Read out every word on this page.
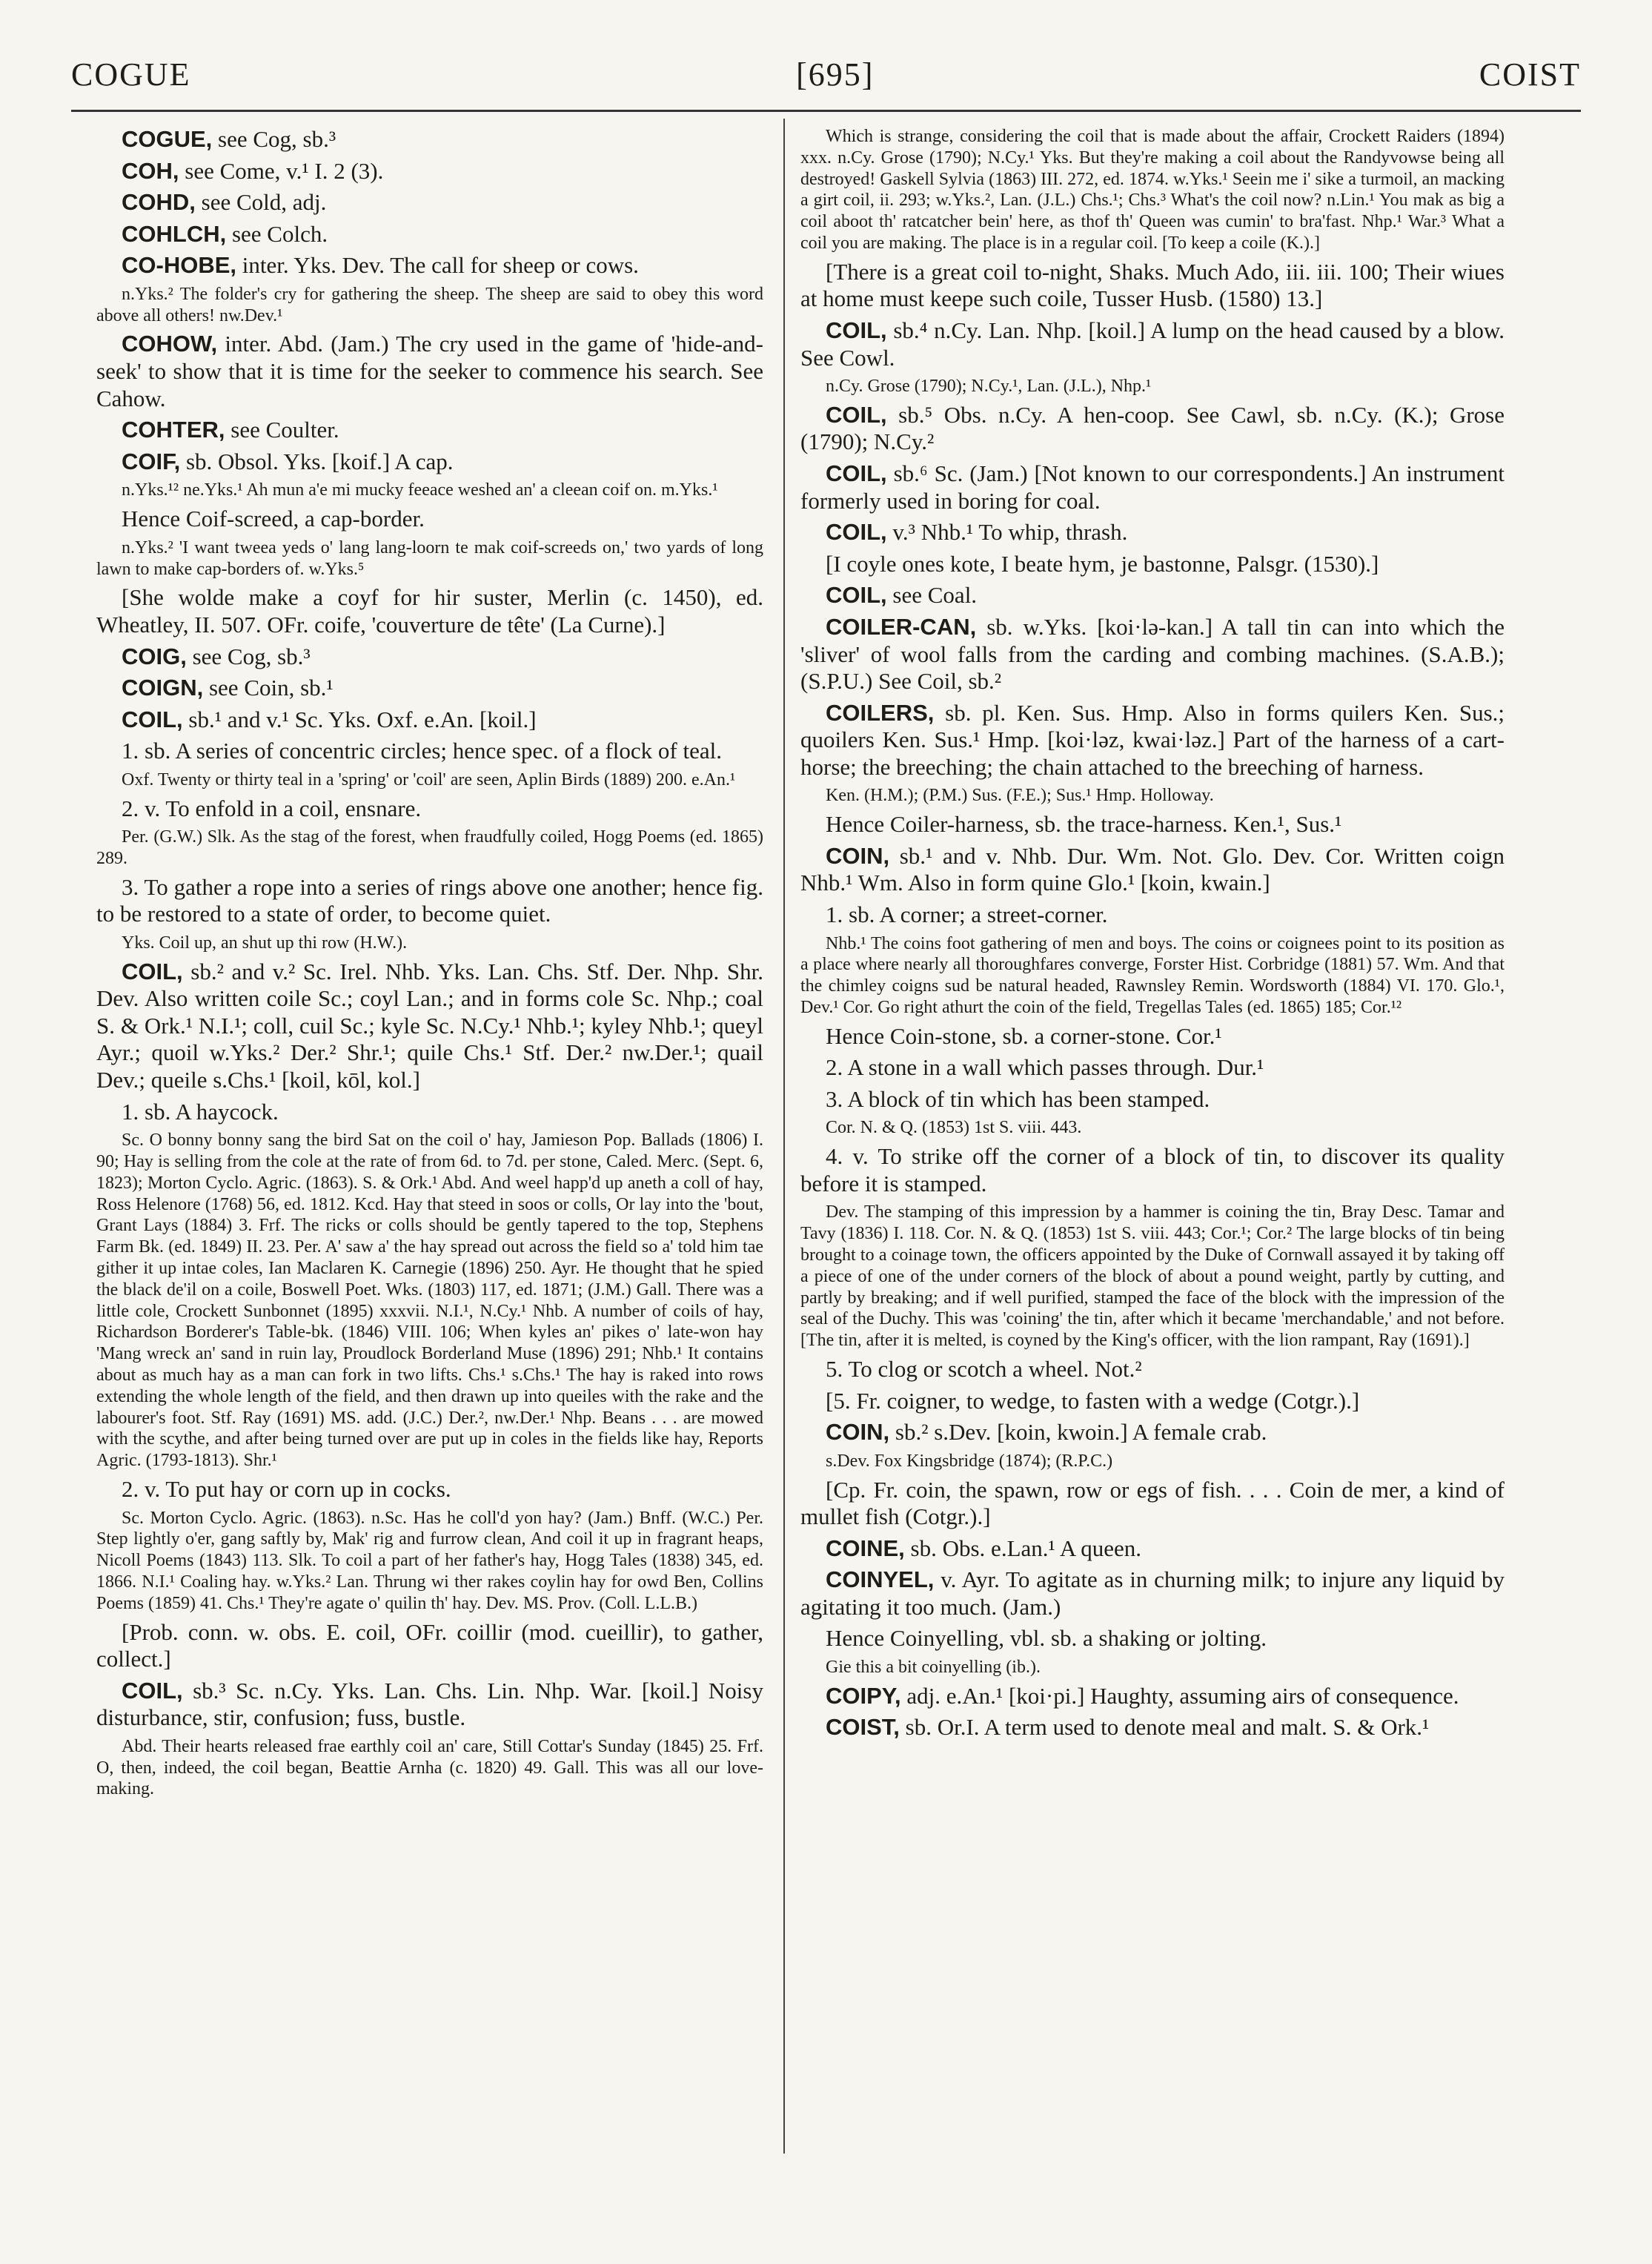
COGUE	[695]	COIST

COGUE, see Cog, sb.³

COH, see Come, v.¹ I. 2 (3).

COHD, see Cold, adj.

COHLCH, see Colch.

CO-HOBE, inter. Yks. Dev. The call for sheep or cows.

n.Yks.² The folder's cry for gathering the sheep. The sheep are said to obey this word above all others! nw.Dev.¹

COHOW, inter. Abd. (Jam.) The cry used in the game of 'hide-and-seek' to show that it is time for the seeker to commence his search. See Cahow.

COHTER, see Coulter.

COIF, sb. Obsol. Yks. [koif.] A cap.

n.Yks.¹² ne.Yks.¹ Ah mun a'e mi mucky feeace weshed an' a cleean coif on. m.Yks.¹

Hence Coif-screed, a cap-border.

n.Yks.² 'I want tweea yeds o' lang lang-loorn te mak coif-screeds on,' two yards of long lawn to make cap-borders of. w.Yks.⁵

[She wolde make a coyf for hir suster, Merlin (c. 1450), ed. Wheatley, II. 507. OFr. coife, 'couverture de tête' (La Curne).]

COIG, see Cog, sb.³

COIGN, see Coin, sb.¹

COIL, sb.¹ and v.¹ Sc. Yks. Oxf. e.An. [koil.]

1. sb. A series of concentric circles; hence spec. of a flock of teal.

Oxf. Twenty or thirty teal in a 'spring' or 'coil' are seen, Aplin Birds (1889) 200. e.An.¹

2. v. To enfold in a coil, ensnare.

Per. (G.W.) Slk. As the stag of the forest, when fraudfully coiled, Hogg Poems (ed. 1865) 289.

3. To gather a rope into a series of rings above one another; hence fig. to be restored to a state of order, to become quiet.

Yks. Coil up, an shut up thi row (H.W.).

COIL, sb.² and v.² Sc. Irel. Nhb. Yks. Lan. Chs. Stf. Der. Nhp. Shr. Dev. Also written coile Sc.; coyl Lan.; and in forms cole Sc. Nhp.; coal S. & Ork.¹ N.I.¹; coll, cuil Sc.; kyle Sc. N.Cy.¹ Nhb.¹; kyley Nhb.¹; queyl Ayr.; quoil w.Yks.² Der.² Shr.¹; quile Chs.¹ Stf. Der.² nw.Der.¹; quail Dev.; queile s.Chs.¹ [koil, kōl, kol.]

1. sb. A haycock.

Sc. O bonny bonny sang the bird Sat on the coil o' hay, Jamieson Pop. Ballads (1806) I. 90; Hay is selling from the cole at the rate of from 6d. to 7d. per stone, Caled. Merc. (Sept. 6, 1823); Morton Cyclo. Agric. (1863). S. & Ork.¹ Abd. And weel happ'd up aneth a coll of hay, Ross Helenore (1768) 56, ed. 1812. Kcd. Hay that steed in soos or colls, Or lay into the 'bout, Grant Lays (1884) 3. Frf. The ricks or colls should be gently tapered to the top, Stephens Farm Bk. (ed. 1849) II. 23. Per. A' saw a' the hay spread out across the field so a' told him tae gither it up intae coles, Ian Maclaren K. Carnegie (1896) 250. Ayr. He thought that he spied the black de'il on a coile, Boswell Poet. Wks. (1803) 117, ed. 1871; (J.M.) Gall. There was a little cole, Crockett Sunbonnet (1895) xxxvii. N.I.¹, N.Cy.¹ Nhb. A number of coils of hay, Richardson Borderer's Table-bk. (1846) VIII. 106; When kyles an' pikes o' late-won hay 'Mang wreck an' sand in ruin lay, Proudlock Borderland Muse (1896) 291; Nhb.¹ It contains about as much hay as a man can fork in two lifts. Chs.¹ s.Chs.¹ The hay is raked into rows extending the whole length of the field, and then drawn up into queiles with the rake and the labourer's foot. Stf. Ray (1691) MS. add. (J.C.) Der.², nw.Der.¹ Nhp. Beans . . . are mowed with the scythe, and after being turned over are put up in coles in the fields like hay, Reports Agric. (1793-1813). Shr.¹

2. v. To put hay or corn up in cocks.

Sc. Morton Cyclo. Agric. (1863). n.Sc. Has he coll'd yon hay? (Jam.) Bnff. (W.C.) Per. Step lightly o'er, gang saftly by, Mak' rig and furrow clean, And coil it up in fragrant heaps, Nicoll Poems (1843) 113. Slk. To coil a part of her father's hay, Hogg Tales (1838) 345, ed. 1866. N.I.¹ Coaling hay. w.Yks.² Lan. Thrung wi ther rakes coylin hay for owd Ben, Collins Poems (1859) 41. Chs.¹ They're agate o' quilin th' hay. Dev. MS. Prov. (Coll. L.L.B.)

[Prob. conn. w. obs. E. coil, OFr. coillir (mod. cueillir), to gather, collect.]

COIL, sb.³ Sc. n.Cy. Yks. Lan. Chs. Lin. Nhp. War. [koil.] Noisy disturbance, stir, confusion; fuss, bustle.

Abd. Their hearts released frae earthly coil an' care, Still Cottar's Sunday (1845) 25. Frf. O, then, indeed, the coil began, Beattie Arnha (c. 1820) 49. Gall. This was all our love-making.

Which is strange, considering the coil that is made about the affair, Crockett Raiders (1894) xxx. n.Cy. Grose (1790); N.Cy.¹ Yks. But they're making a coil about the Randyvowse being all destroyed! Gaskell Sylvia (1863) III. 272, ed. 1874. w.Yks.¹ Seein me i' sike a turmoil, an macking a girt coil, ii. 293; w.Yks.², Lan. (J.L.) Chs.¹; Chs.³ What's the coil now? n.Lin.¹ You mak as big a coil aboot th' ratcatcher bein' here, as thof th' Queen was cumin' to bra'fast. Nhp.¹ War.³ What a coil you are making. The place is in a regular coil. [To keep a coile (K.).]

[There is a great coil to-night, Shaks. Much Ado, iii. iii. 100; Their wiues at home must keepe such coile, Tusser Husb. (1580) 13.]

COIL, sb.⁴ n.Cy. Lan. Nhp. [koil.] A lump on the head caused by a blow. See Cowl.

n.Cy. Grose (1790); N.Cy.¹, Lan. (J.L.), Nhp.¹

COIL, sb.⁵ Obs. n.Cy. A hen-coop. See Cawl, sb. n.Cy. (K.); Grose (1790); N.Cy.²

COIL, sb.⁶ Sc. (Jam.) [Not known to our correspondents.] An instrument formerly used in boring for coal.

COIL, v.³ Nhb.¹ To whip, thrash.

[I coyle ones kote, I beate hym, je bastonne, Palsgr. (1530).]

COIL, see Coal.

COILER-CAN, sb. w.Yks. [koi·lə-kan.] A tall tin can into which the 'sliver' of wool falls from the carding and combing machines. (S.A.B.); (S.P.U.) See Coil, sb.²

COILERS, sb. pl. Ken. Sus. Hmp. Also in forms quilers Ken. Sus.; quoilers Ken. Sus.¹ Hmp. [koi·ləz, kwai·ləz.] Part of the harness of a cart-horse; the breeching; the chain attached to the breeching of harness.

Ken. (H.M.); (P.M.) Sus. (F.E.); Sus.¹ Hmp. Holloway.

Hence Coiler-harness, sb. the trace-harness. Ken.¹, Sus.¹

COIN, sb.¹ and v. Nhb. Dur. Wm. Not. Glo. Dev. Cor. Written coign Nhb.¹ Wm. Also in form quine Glo.¹ [koin, kwain.]

1. sb. A corner; a street-corner.

Nhb.¹ The coins foot gathering of men and boys. The coins or coignees point to its position as a place where nearly all thoroughfares converge, Forster Hist. Corbridge (1881) 57. Wm. And that the chimley coigns sud be natural headed, Rawnsley Remin. Wordsworth (1884) VI. 170. Glo.¹, Dev.¹ Cor. Go right athurt the coin of the field, Tregellas Tales (ed. 1865) 185; Cor.¹²

Hence Coin-stone, sb. a corner-stone. Cor.¹

2. A stone in a wall which passes through. Dur.¹

3. A block of tin which has been stamped.

Cor. N. & Q. (1853) 1st S. viii. 443.

4. v. To strike off the corner of a block of tin, to discover its quality before it is stamped.

Dev. The stamping of this impression by a hammer is coining the tin, Bray Desc. Tamar and Tavy (1836) I. 118. Cor. N. & Q. (1853) 1st S. viii. 443; Cor.¹; Cor.² The large blocks of tin being brought to a coinage town, the officers appointed by the Duke of Cornwall assayed it by taking off a piece of one of the under corners of the block of about a pound weight, partly by cutting, and partly by breaking; and if well purified, stamped the face of the block with the impression of the seal of the Duchy. This was 'coining' the tin, after which it became 'merchandable,' and not before. [The tin, after it is melted, is coyned by the King's officer, with the lion rampant, Ray (1691).]

5. To clog or scotch a wheel. Not.²

[5. Fr. coigner, to wedge, to fasten with a wedge (Cotgr.).]

COIN, sb.² s.Dev. [koin, kwoin.] A female crab.

s.Dev. Fox Kingsbridge (1874); (R.P.C.)

[Cp. Fr. coin, the spawn, row or egs of fish. . . . Coin de mer, a kind of mullet fish (Cotgr.).]

COINE, sb. Obs. e.Lan.¹ A queen.

COINYEL, v. Ayr. To agitate as in churning milk; to injure any liquid by agitating it too much. (Jam.)

Hence Coinyelling, vbl. sb. a shaking or jolting.

Gie this a bit coinyelling (ib.).

COIPY, adj. e.An.¹ [koi·pi.] Haughty, assuming airs of consequence.

COIST, sb. Or.I. A term used to denote meal and malt. S. & Ork.¹
